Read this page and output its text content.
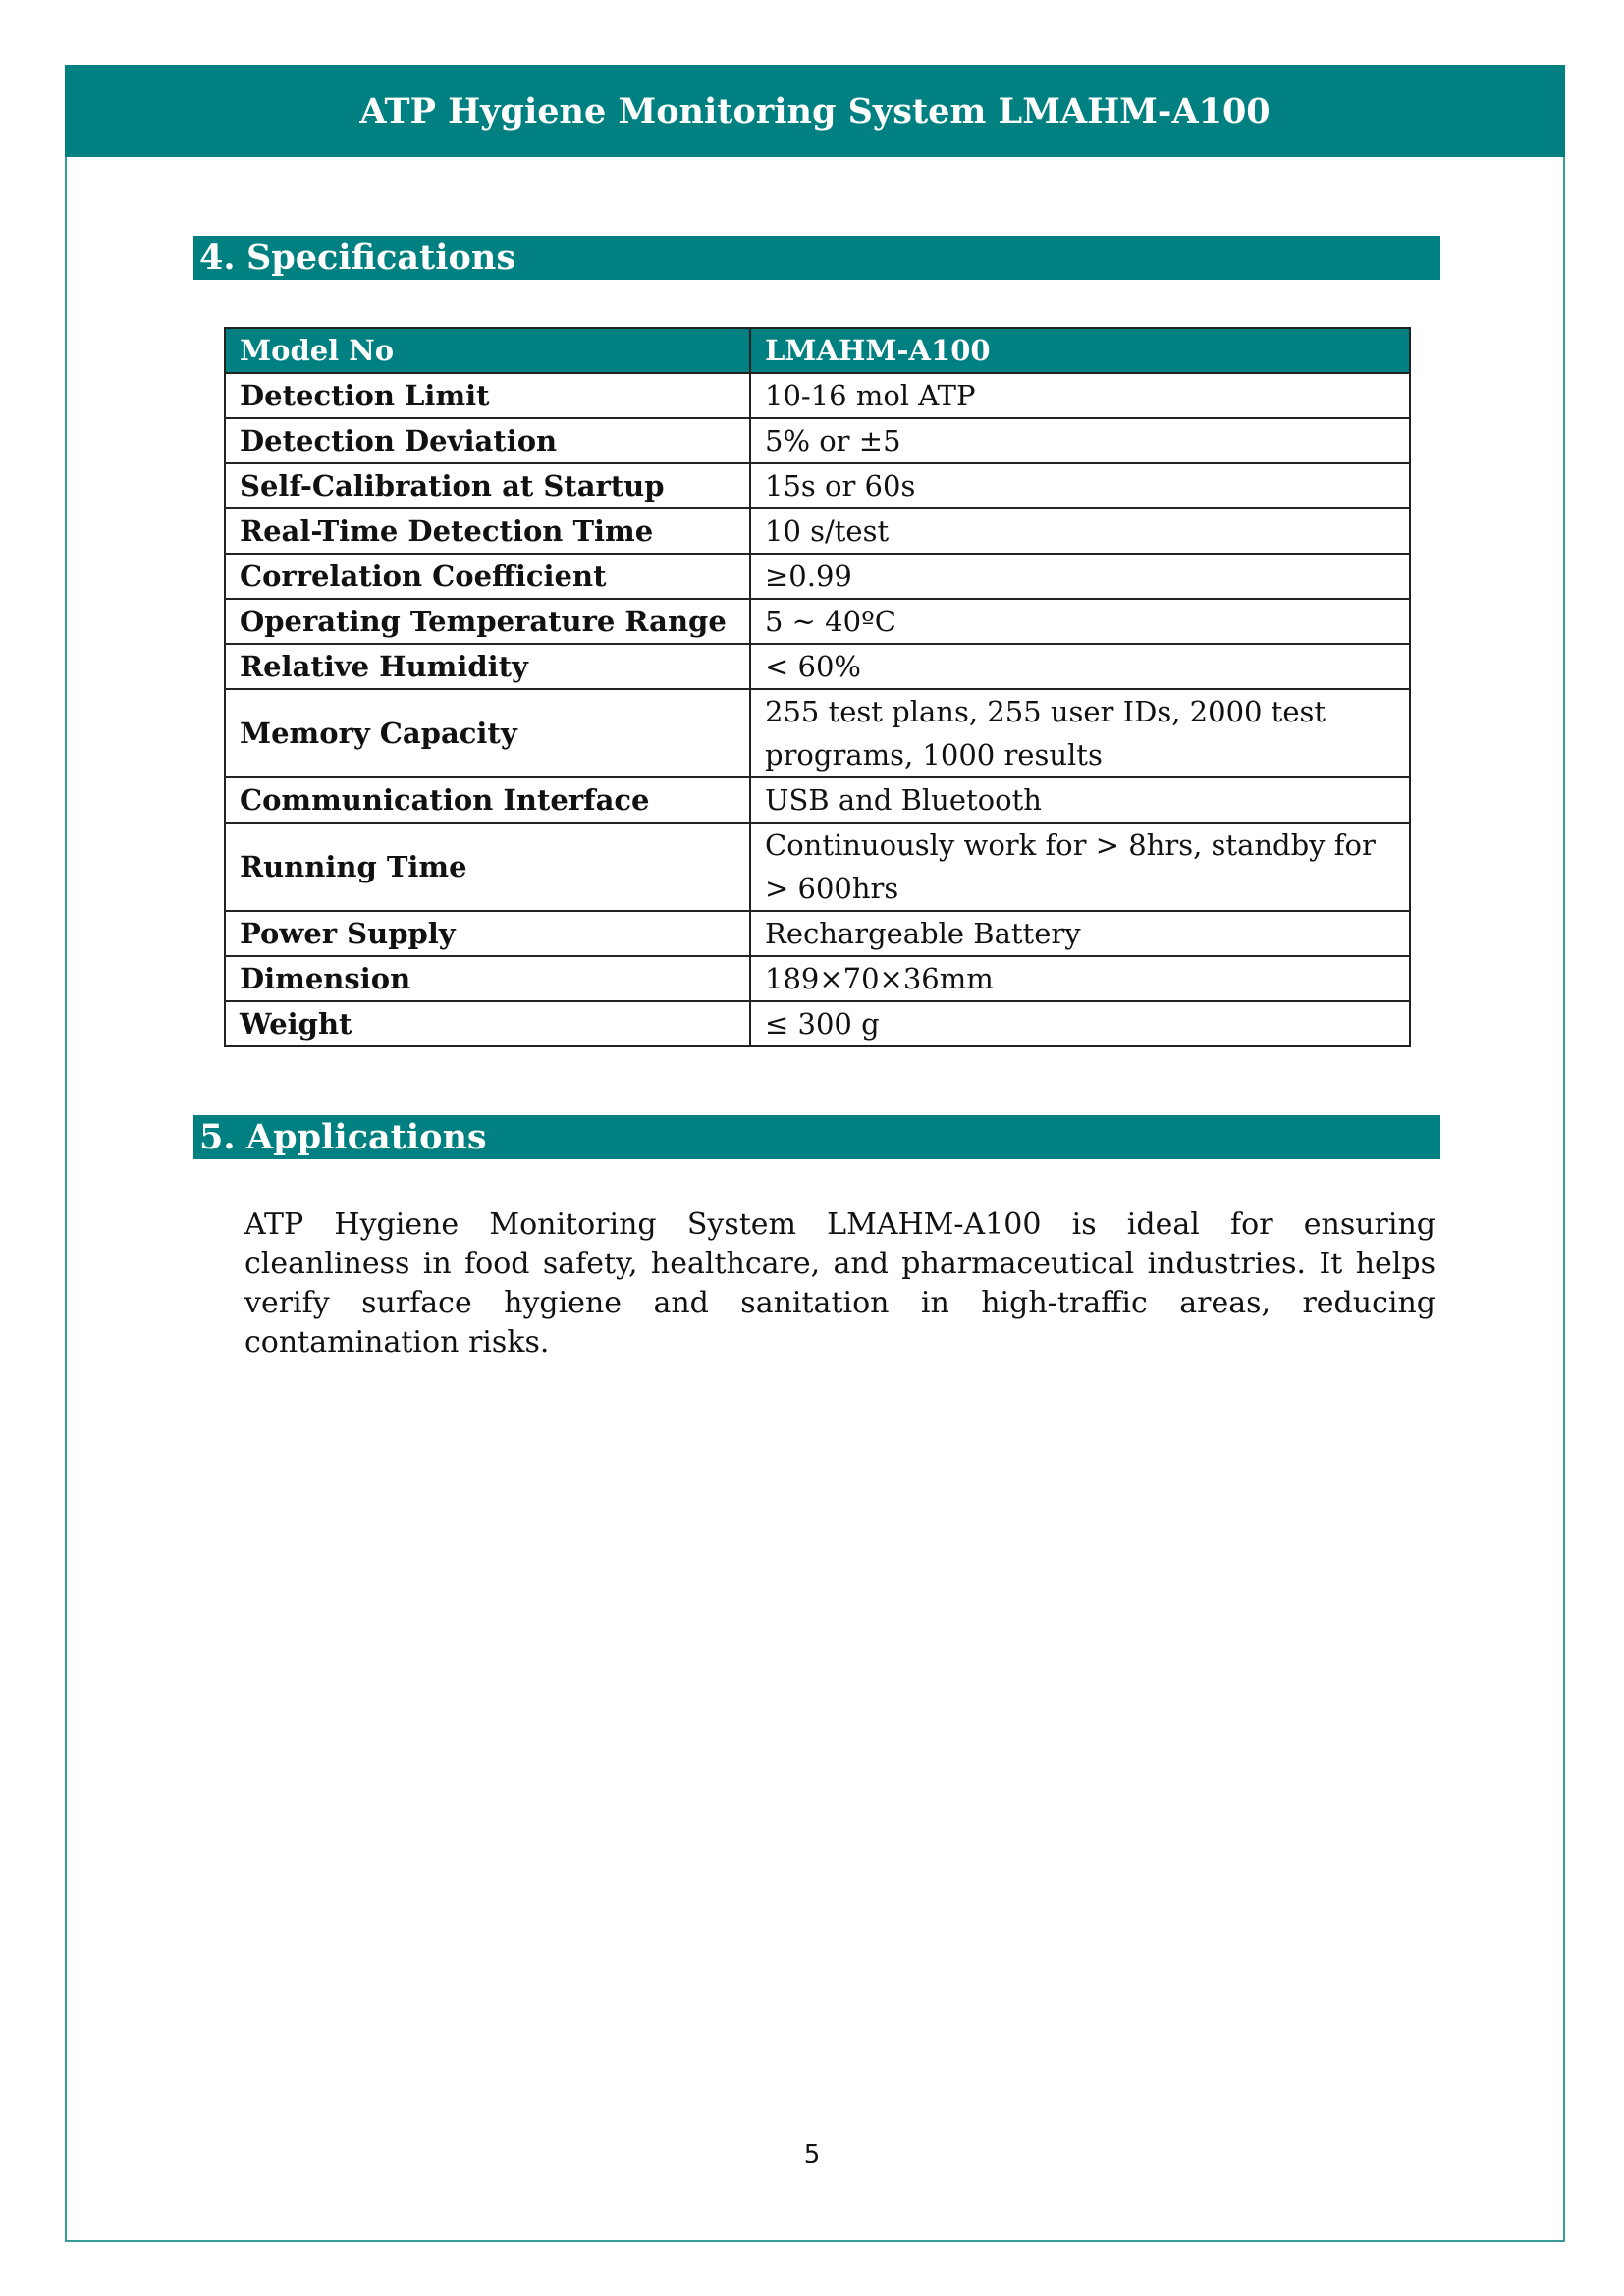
ATP Hygiene Monitoring System LMAHM-A100
4. Specifications
Model No	LMAHM-A100
Detection Limit	10-16 mol ATP
Detection Deviation	5% or ±5
Self-Calibration at Startup	15s or 60s
Real-Time Detection Time	10 s/test
Correlation Coefficient	≥0.99
Operating Temperature Range	5 ~ 40ºC
Relative Humidity	< 60%
Memory Capacity	255 test plans, 255 user IDs, 2000 test programs, 1000 results
Communication Interface	USB and Bluetooth
Running Time	Continuously work for > 8hrs, standby for > 600hrs
Power Supply	Rechargeable Battery
Dimension	189×70×36mm
Weight	≤ 300 g
5. Applications
ATP Hygiene Monitoring System LMAHM-A100 is ideal for ensuring cleanliness in food safety, healthcare, and pharmaceutical industries. It helps verify surface hygiene and sanitation in high-traffic areas, reducing contamination risks.
5
